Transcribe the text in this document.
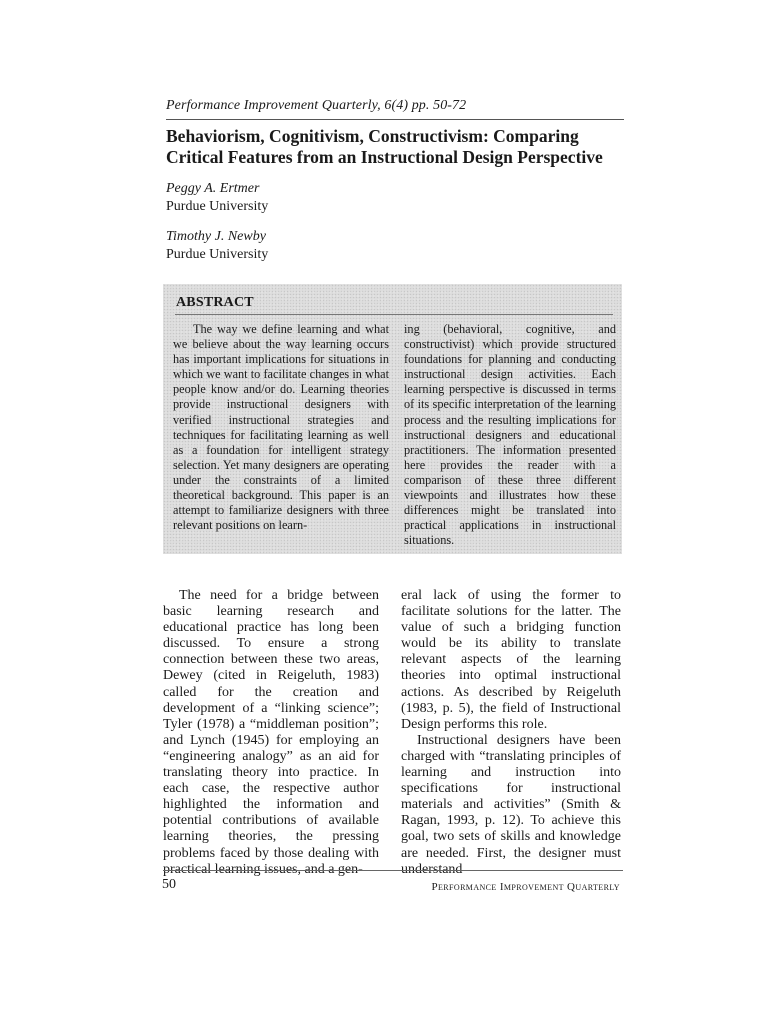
Performance Improvement Quarterly, 6(4) pp. 50-72
Behaviorism, Cognitivism, Constructivism: Comparing Critical Features from an Instructional Design Perspective
Peggy A. Ertmer
Purdue University
Timothy J. Newby
Purdue University
ABSTRACT

The way we define learning and what we believe about the way learning occurs has important implications for situations in which we want to facilitate changes in what people know and/or do. Learning theories provide instructional designers with verified instructional strategies and techniques for facilitating learning as well as a foundation for intelligent strategy selection. Yet many designers are operating under the constraints of a limited theoretical background. This paper is an attempt to familiarize designers with three relevant positions on learn-

ing (behavioral, cognitive, and constructivist) which provide structured foundations for planning and conducting instructional design activities. Each learning perspective is discussed in terms of its specific interpretation of the learning process and the resulting implications for instructional designers and educational practitioners. The information presented here provides the reader with a comparison of these three different viewpoints and illustrates how these differences might be translated into practical applications in instructional situations.

The need for a bridge between basic learning research and educational practice has long been discussed. To ensure a strong connection between these two areas, Dewey (cited in Reigeluth, 1983) called for the creation and development of a “linking science”; Tyler (1978) a “middleman position”; and Lynch (1945) for employing an “engineering analogy” as an aid for translating theory into practice. In each case, the respective author highlighted the information and potential contributions of available learning theories, the pressing problems faced by those dealing with practical learning issues, and a gen-

eral lack of using the former to facilitate solutions for the latter. The value of such a bridging function would be its ability to translate relevant aspects of the learning theories into optimal instructional actions. As described by Reigeluth (1983, p. 5), the field of Instructional Design performs this role.

Instructional designers have been charged with “translating principles of learning and instruction into specifications for instructional materials and activities” (Smith & Ragan, 1993, p. 12). To achieve this goal, two sets of skills and knowledge are needed. First, the designer must understand

50	Performance Improvement Quarterly
